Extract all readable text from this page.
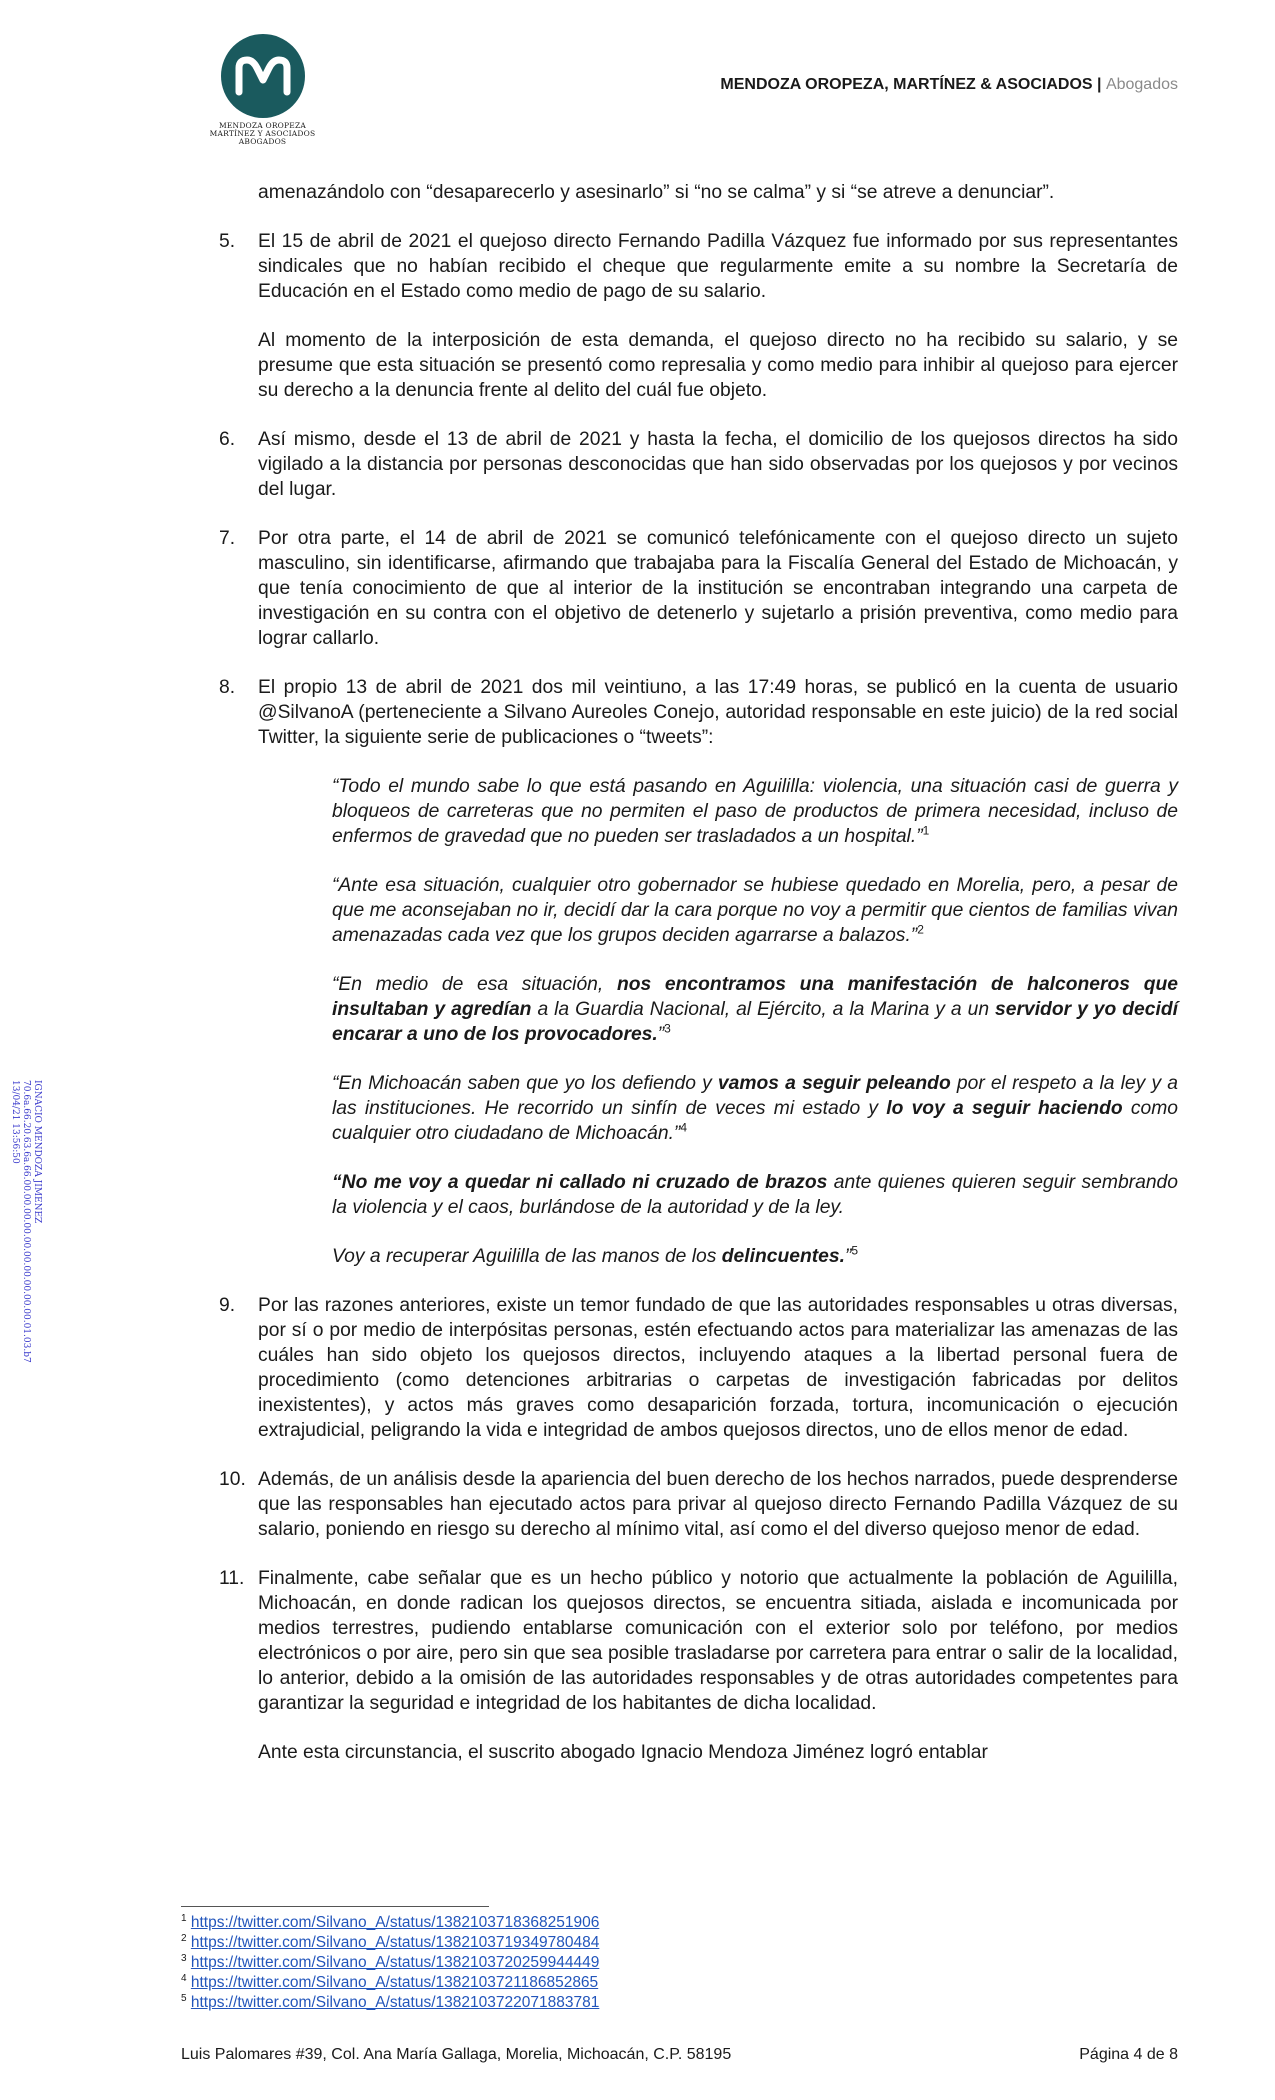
MENDOZA OROPEZA
MARTÍNEZ Y ASOCIADOS
ABOGADOS
MENDOZA OROPEZA, MARTÍNEZ & ASOCIADOS | Abogados
IGNACIO MENDOZA JIMENEZ
70.6a.66.20.63.6a.66.00.00.00.00.00.00.00.00.00.00.01.03.b7
13/04/21 13:56:50

amenazándolo con “desaparecerlo y asesinarlo” si “no se calma” y si “se atreve a denunciar”.

5. El 15 de abril de 2021 el quejoso directo Fernando Padilla Vázquez fue informado por sus representantes sindicales que no habían recibido el cheque que regularmente emite a su nombre la Secretaría de Educación en el Estado como medio de pago de su salario.

Al momento de la interposición de esta demanda, el quejoso directo no ha recibido su salario, y se presume que esta situación se presentó como represalia y como medio para inhibir al quejoso para ejercer su derecho a la denuncia frente al delito del cuál fue objeto.

6. Así mismo, desde el 13 de abril de 2021 y hasta la fecha, el domicilio de los quejosos directos ha sido vigilado a la distancia por personas desconocidas que han sido observadas por los quejosos y por vecinos del lugar.

7. Por otra parte, el 14 de abril de 2021 se comunicó telefónicamente con el quejoso directo un sujeto masculino, sin identificarse, afirmando que trabajaba para la Fiscalía General del Estado de Michoacán, y que tenía conocimiento de que al interior de la institución se encontraban integrando una carpeta de investigación en su contra con el objetivo de detenerlo y sujetarlo a prisión preventiva, como medio para lograr callarlo.

8. El propio 13 de abril de 2021 dos mil veintiuno, a las 17:49 horas, se publicó en la cuenta de usuario @SilvanoA (perteneciente a Silvano Aureoles Conejo, autoridad responsable en este juicio) de la red social Twitter, la siguiente serie de publicaciones o “tweets”:

“Todo el mundo sabe lo que está pasando en Aguililla: violencia, una situación casi de guerra y bloqueos de carreteras que no permiten el paso de productos de primera necesidad, incluso de enfermos de gravedad que no pueden ser trasladados a un hospital.”$^1$

“Ante esa situación, cualquier otro gobernador se hubiese quedado en Morelia, pero, a pesar de que me aconsejaban no ir, decidí dar la cara porque no voy a permitir que cientos de familias vivan amenazadas cada vez que los grupos deciden agarrarse a balazos.”$^2$

“En medio de esa situación, nos encontramos una manifestación de halconeros que insultaban y agredían a la Guardia Nacional, al Ejército, a la Marina y a un servidor y yo decidí encarar a uno de los provocadores.”$^3$

“En Michoacán saben que yo los defiendo y vamos a seguir peleando por el respeto a la ley y a las instituciones. He recorrido un sinfín de veces mi estado y lo voy a seguir haciendo como cualquier otro ciudadano de Michoacán.”$^4$

“No me voy a quedar ni callado ni cruzado de brazos ante quienes quieren seguir sembrando la violencia y el caos, burlándose de la autoridad y de la ley.

Voy a recuperar Aguililla de las manos de los delincuentes.”$^5$

9. Por las razones anteriores, existe un temor fundado de que las autoridades responsables u otras diversas, por sí o por medio de interpósitas personas, estén efectuando actos para materializar las amenazas de las cuáles han sido objeto los quejosos directos, incluyendo ataques a la libertad personal fuera de procedimiento (como detenciones arbitrarias o carpetas de investigación fabricadas por delitos inexistentes), y actos más graves como desaparición forzada, tortura, incomunicación o ejecución extrajudicial, peligrando la vida e integridad de ambos quejosos directos, uno de ellos menor de edad.

10. Además, de un análisis desde la apariencia del buen derecho de los hechos narrados, puede desprenderse que las responsables han ejecutado actos para privar al quejoso directo Fernando Padilla Vázquez de su salario, poniendo en riesgo su derecho al mínimo vital, así como el del diverso quejoso menor de edad.

11. Finalmente, cabe señalar que es un hecho público y notorio que actualmente la población de Aguililla, Michoacán, en donde radican los quejosos directos, se encuentra sitiada, aislada e incomunicada por medios terrestres, pudiendo entablarse comunicación con el exterior solo por teléfono, por medios electrónicos o por aire, pero sin que sea posible trasladarse por carretera para entrar o salir de la localidad, lo anterior, debido a la omisión de las autoridades responsables y de otras autoridades competentes para garantizar la seguridad e integridad de los habitantes de dicha localidad.

Ante esta circunstancia, el suscrito abogado Ignacio Mendoza Jiménez logró entablar

$^1$ https://twitter.com/Silvano_A/status/1382103718368251906
$^2$ https://twitter.com/Silvano_A/status/1382103719349780484
$^3$ https://twitter.com/Silvano_A/status/1382103720259944449
$^4$ https://twitter.com/Silvano_A/status/1382103721186852865
$^5$ https://twitter.com/Silvano_A/status/1382103722071883781
Luis Palomares #39, Col. Ana María Gallaga, Morelia, Michoacán, C.P. 58195	Página 4 de 8
